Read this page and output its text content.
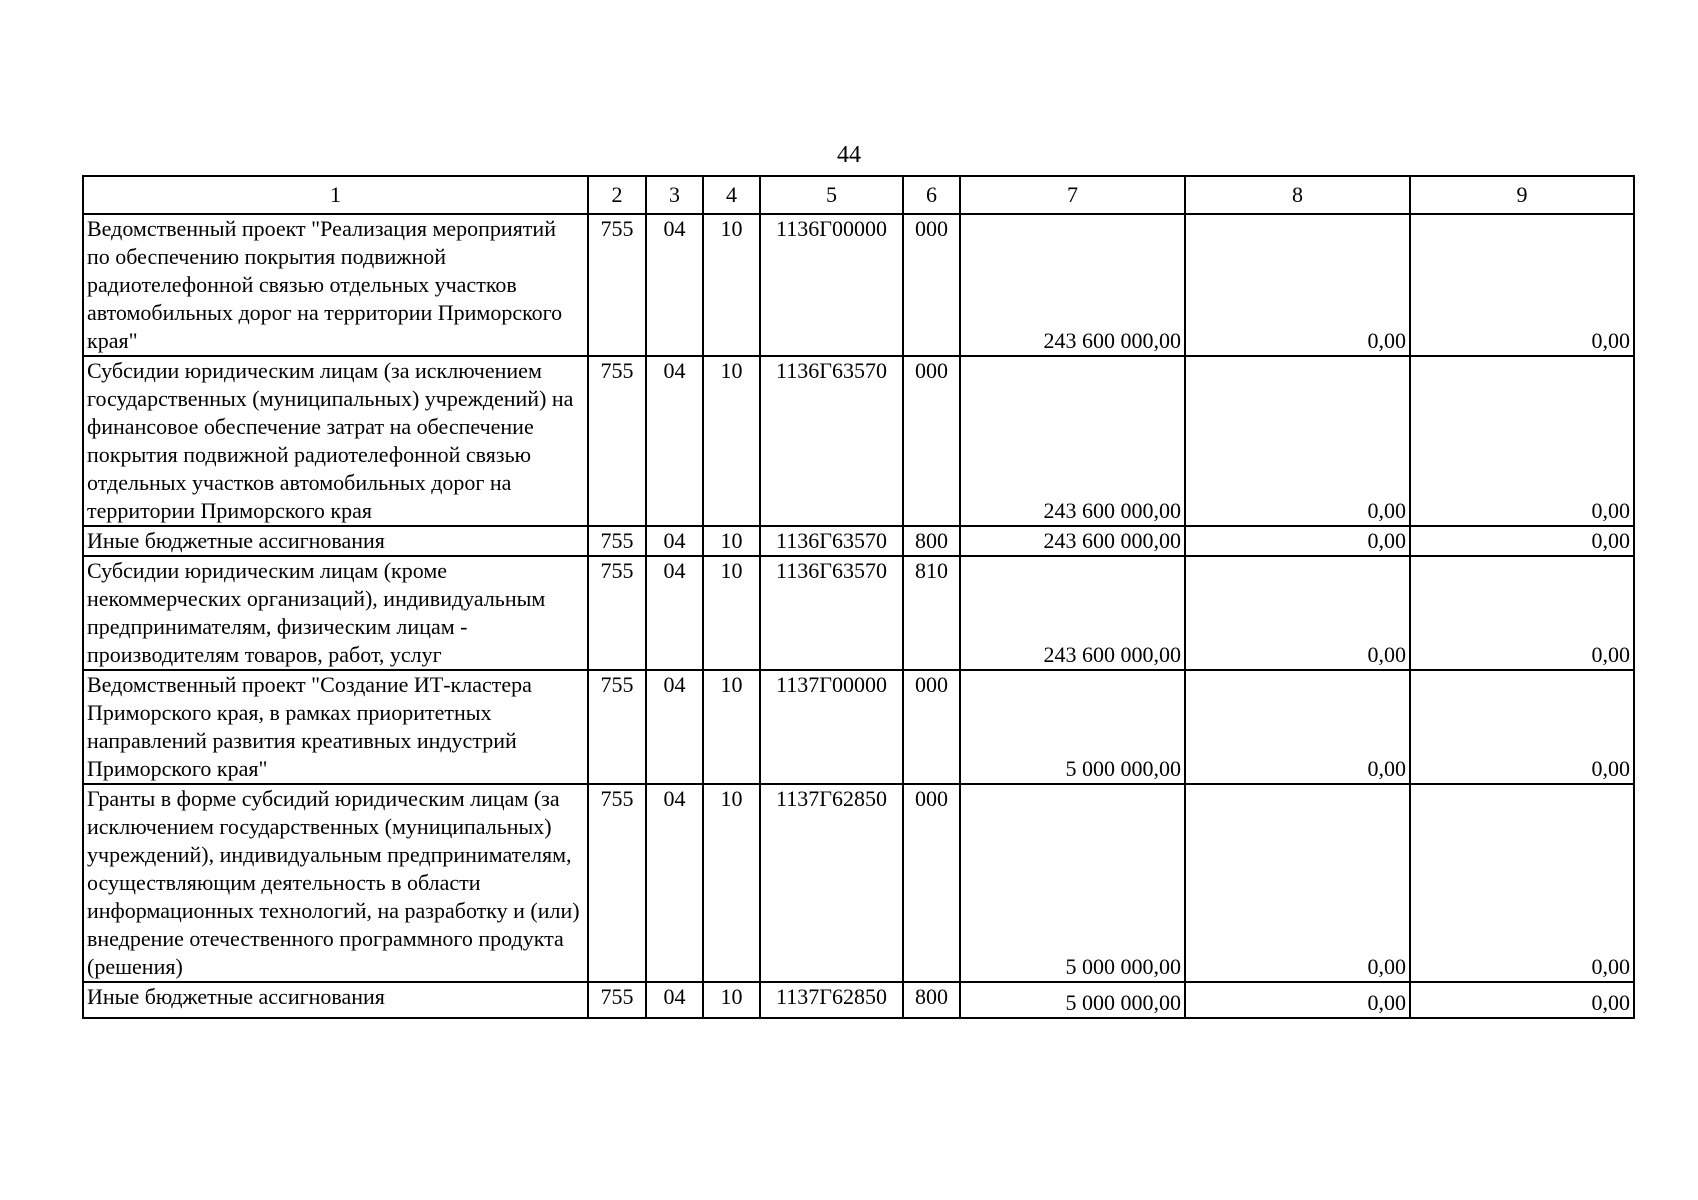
44
1	2	3	4	5	6	7	8	9
Ведомственный проект "Реализация мероприятий по обеспечению покрытия подвижной радиотелефонной связью отдельных участков автомобильных дорог на территории Приморского края"	755	04	10	1136Г00000	000	243 600 000,00	0,00	0,00
Субсидии юридическим лицам (за исключением государственных (муниципальных) учреждений) на финансовое обеспечение затрат на обеспечение покрытия подвижной радиотелефонной связью отдельных участков автомобильных дорог на территории Приморского края	755	04	10	1136Г63570	000	243 600 000,00	0,00	0,00
Иные бюджетные ассигнования	755	04	10	1136Г63570	800	243 600 000,00	0,00	0,00
Субсидии юридическим лицам (кроме некоммерческих организаций), индивидуальным предпринимателям, физическим лицам - производителям товаров, работ, услуг	755	04	10	1136Г63570	810	243 600 000,00	0,00	0,00
Ведомственный проект "Создание ИТ-кластера Приморского края, в рамках приоритетных направлений развития креативных индустрий Приморского края"	755	04	10	1137Г00000	000	5 000 000,00	0,00	0,00
Гранты в форме субсидий юридическим лицам (за исключением государственных (муниципальных) учреждений), индивидуальным предпринимателям, осуществляющим деятельность в области информационных технологий, на разработку и (или) внедрение отечественного программного продукта (решения)	755	04	10	1137Г62850	000	5 000 000,00	0,00	0,00
Иные бюджетные ассигнования	755	04	10	1137Г62850	800	5 000 000,00	0,00	0,00
